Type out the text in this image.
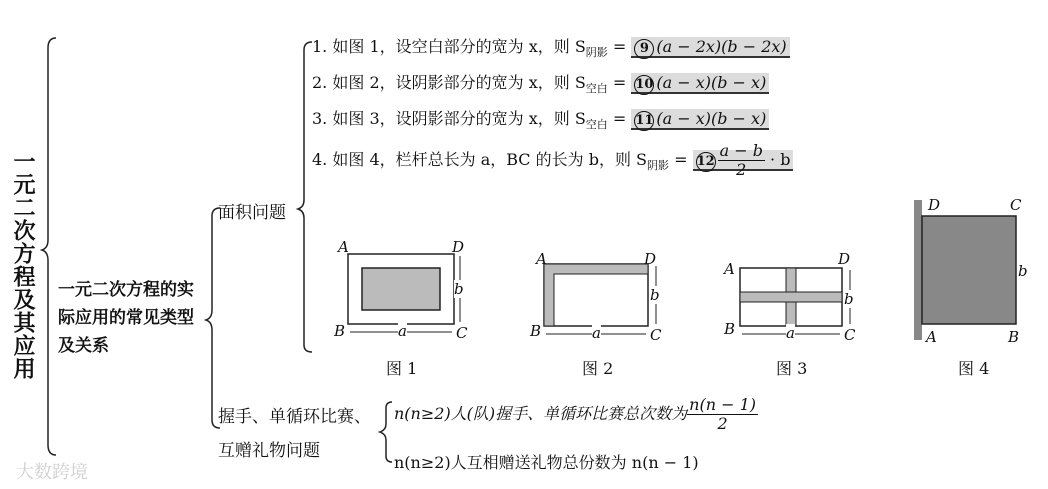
一元二次方程及其应用 一元二次方程的实际应用的常见类型及关系
面积问题
1. 如图 1，设空白部分的宽为 x，则 $S_{阴影} = 9$ (a − 2x)(b − 2x)
2. 如图 2，设阴影部分的宽为 x，则 $S_{空白} = 10$ (a − x)(b − x)
3. 如图 3，设阴影部分的宽为 x，则 $S_{空白} = 11$ (a − x)(b − x)
4. 如图 4，栏杆总长为 a，BC 的长为 b，则 $S_{阴影} = 12 \frac{a - b}{2} \cdot b$
A	D
B	C
a
b
图 1
A	D
B	C
a
b
图 2
A
D
B	C
a
b
图 3
D	C
b
A	B
图 4
握手、单循环比赛、
互赠礼物问题
n(n≥2)人(队)握手、单循环比赛总次数为 $\frac{n(n - 1)}{2}$
n(n≥2)人互相赠送礼物总份数为 n(n − 1)
大数跨境
